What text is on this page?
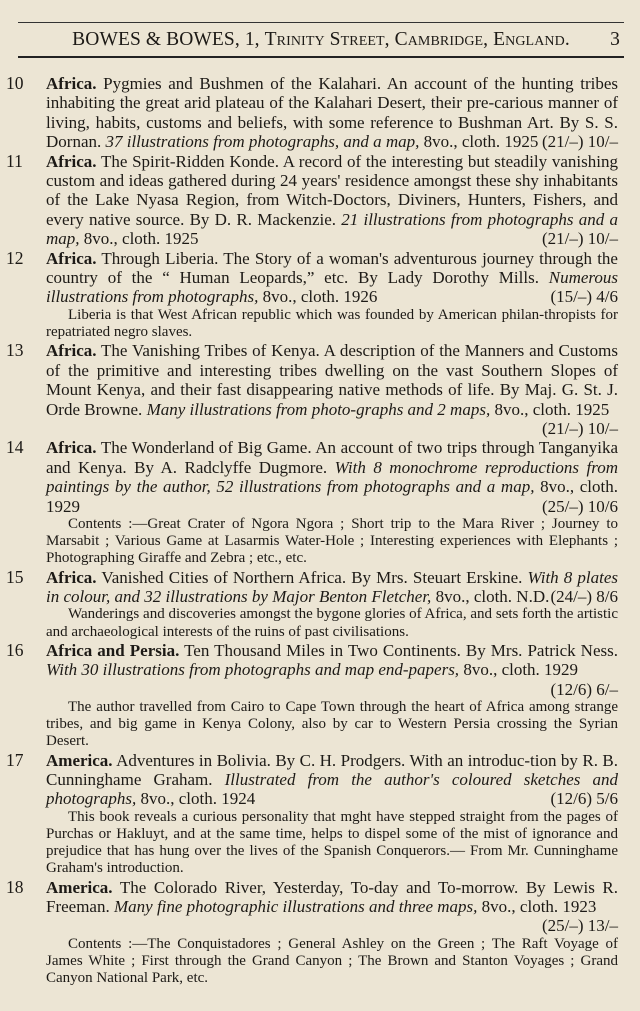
BOWES & BOWES, 1, Trinity Street, Cambridge, England. 3
10	Africa. Pygmies and Bushmen of the Kalahari. An account of the hunting tribes inhabiting the great arid plateau of the Kalahari Desert, their pre-carious manner of living, habits, customs and beliefs, with some reference to Bushman Art. By S. S. Dornan. 37 illustrations from photographs, and a map, 8vo., cloth. 1925 (21/–) 10/–
11	Africa. The Spirit-Ridden Konde. A record of the interesting but steadily vanishing custom and ideas gathered during 24 years' residence amongst these shy inhabitants of the Lake Nyasa Region, from Witch-Doctors, Diviners, Hunters, Fishers, and every native source. By D. R. Mackenzie. 21 illustrations from photographs and a map, 8vo., cloth. 1925	(21/–) 10/–
12	Africa. Through Liberia. The Story of a woman's adventurous journey through the country of the “ Human Leopards,” etc. By Lady Dorothy Mills. Numerous illustrations from photographs, 8vo., cloth. 1926	(15/–) 4/6
Liberia is that West African republic which was founded by American philan-thropists for repatriated negro slaves.
13	Africa. The Vanishing Tribes of Kenya. A description of the Manners and Customs of the primitive and interesting tribes dwelling on the vast Southern Slopes of Mount Kenya, and their fast disappearing native methods of life. By Maj. G. St. J. Orde Browne. Many illustrations from photo-graphs and 2 maps, 8vo., cloth. 1925
(21/–) 10/–
14	Africa. The Wonderland of Big Game. An account of two trips through Tanganyika and Kenya. By A. Radclyffe Dugmore. With 8 monochrome reproductions from paintings by the author, 52 illustrations from photographs and a map, 8vo., cloth. 1929	(25/–) 10/6
Contents :—Great Crater of Ngora Ngora ; Short trip to the Mara River ; Journey to Marsabit ; Various Game at Lasarmis Water-Hole ; Interesting experiences with Elephants ; Photographing Giraffe and Zebra ; etc., etc.
15	Africa. Vanished Cities of Northern Africa. By Mrs. Steuart Erskine. With 8 plates in colour, and 32 illustrations by Major Benton Fletcher, 8vo., cloth. N.D. (24/–) 8/6
Wanderings and discoveries amongst the bygone glories of Africa, and sets forth the artistic and archaeological interests of the ruins of past civilisations.
16	Africa and Persia. Ten Thousand Miles in Two Continents. By Mrs. Patrick Ness. With 30 illustrations from photographs and map end-papers, 8vo., cloth. 1929
(12/6) 6/–
The author travelled from Cairo to Cape Town through the heart of Africa among strange tribes, and big game in Kenya Colony, also by car to Western Persia crossing the Syrian Desert.
17	America. Adventures in Bolivia. By C. H. Prodgers. With an introduc-tion by R. B. Cunninghame Graham. Illustrated from the author's coloured sketches and photographs, 8vo., cloth. 1924	(12/6) 5/6
This book reveals a curious personality that mght have stepped straight from the pages of Purchas or Hakluyt, and at the same time, helps to dispel some of the mist of ignorance and prejudice that has hung over the lives of the Spanish Conquerors.— From Mr. Cunninghame Graham's introduction.
18	America. The Colorado River, Yesterday, To-day and To-morrow. By Lewis R. Freeman. Many fine photographic illustrations and three maps, 8vo., cloth. 1923
(25/–) 13/–
Contents :—The Conquistadores ; General Ashley on the Green ; The Raft Voyage of James White ; First through the Grand Canyon ; The Brown and Stanton Voyages ; Grand Canyon National Park, etc.
